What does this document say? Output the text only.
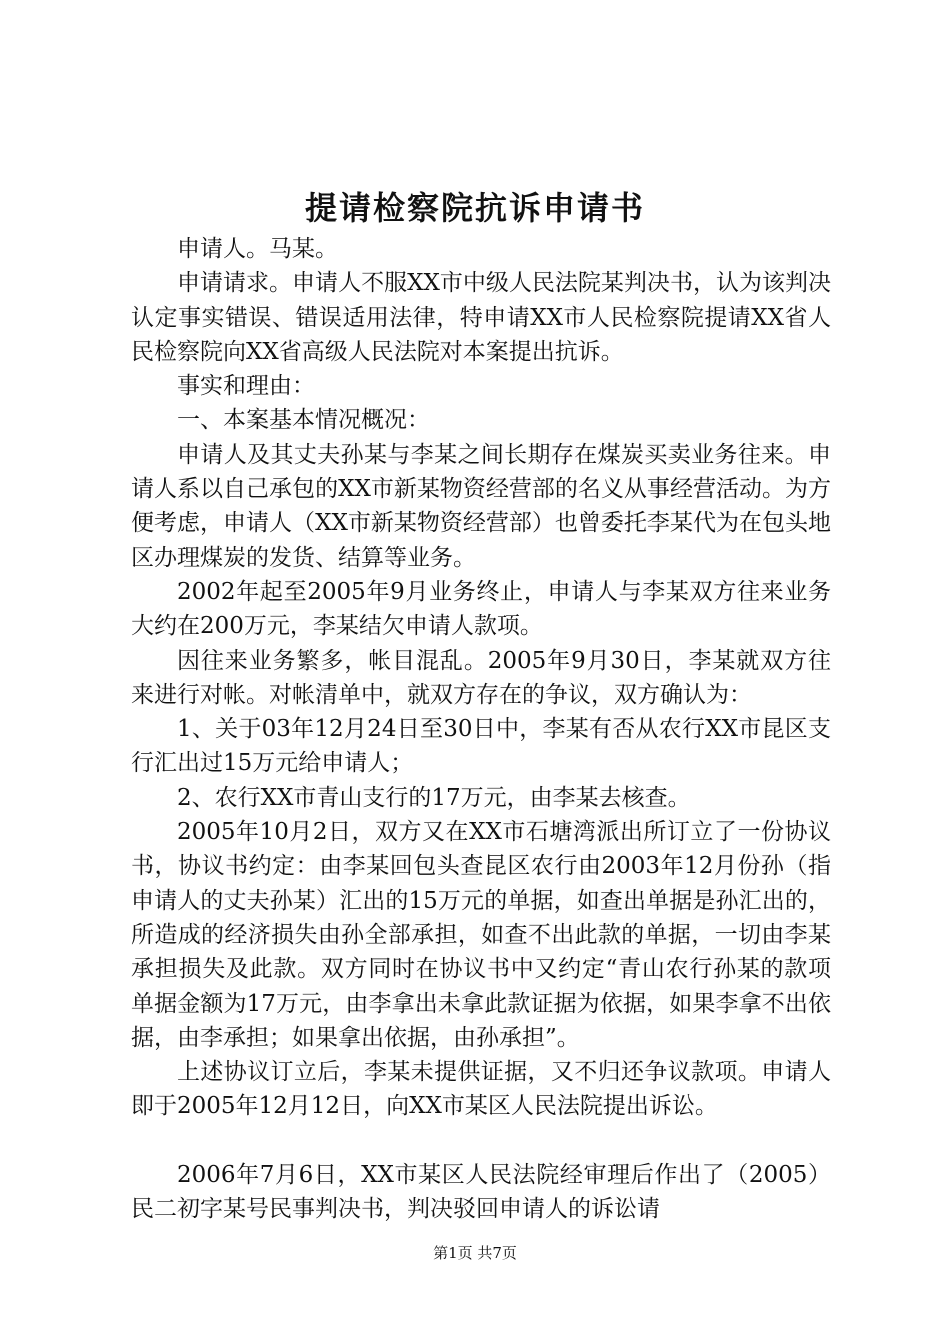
提请检察院抗诉申请书

申请人。马某。

申请请求。申请人不服XX市中级人民法院某判决书，认为该判决认定事实错误、错误适用法律，特申请XX市人民检察院提请XX省人民检察院向XX省高级人民法院对本案提出抗诉。

事实和理由：

一、本案基本情况概况：

申请人及其丈夫孙某与李某之间长期存在煤炭买卖业务往来。申请人系以自己承包的XX市新某物资经营部的名义从事经营活动。为方便考虑，申请人（XX市新某物资经营部）也曾委托李某代为在包头地区办理煤炭的发货、结算等业务。

2002年起至2005年9月业务终止，申请人与李某双方往来业务大约在200万元，李某结欠申请人款项。

因往来业务繁多，帐目混乱。2005年9月30日，李某就双方往来进行对帐。对帐清单中，就双方存在的争议，双方确认为：

1、关于03年12月24日至30日中，李某有否从农行XX市昆区支行汇出过15万元给申请人；

2、农行XX市青山支行的17万元，由李某去核查。

2005年10月2日，双方又在XX市石塘湾派出所订立了一份协议书，协议书约定：由李某回包头查昆区农行由2003年12月份孙（指申请人的丈夫孙某）汇出的15万元的单据，如查出单据是孙汇出的，所造成的经济损失由孙全部承担，如查不出此款的单据，一切由李某承担损失及此款。双方同时在协议书中又约定“青山农行孙某的款项单据金额为17万元，由李拿出未拿此款证据为依据，如果李拿不出依据，由李承担；如果拿出依据，由孙承担”。

上述协议订立后，李某未提供证据，又不归还争议款项。申请人即于2005年12月12日，向XX市某区人民法院提出诉讼。

2006年7月6日，XX市某区人民法院经审理后作出了（2005）民二初字某号民事判决书，判决驳回申请人的诉讼请

第1页 共7页
